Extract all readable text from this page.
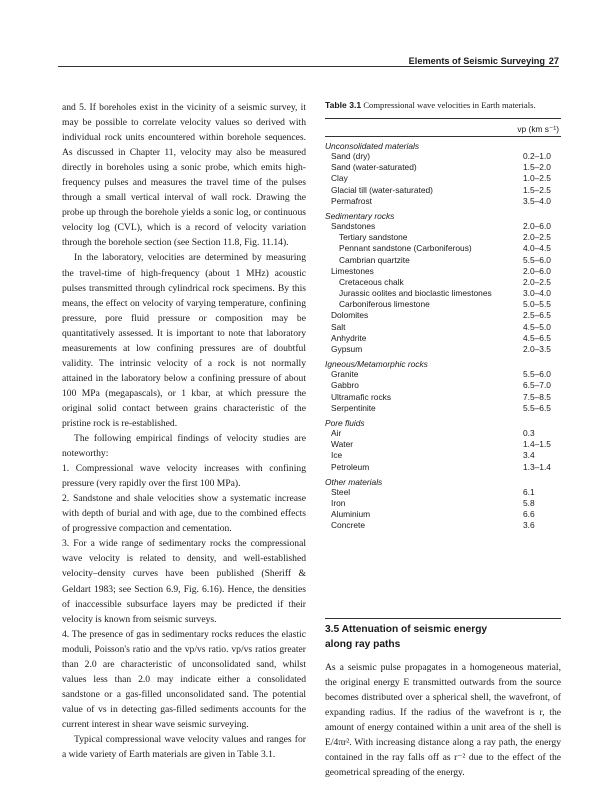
Elements of Seismic Surveying 27

and 5. If boreholes exist in the vicinity of a seismic survey, it may be possible to correlate velocity values so derived with individual rock units encountered within borehole sequences. As discussed in Chapter 11, velocity may also be measured directly in boreholes using a sonic probe, which emits high-frequency pulses and measures the travel time of the pulses through a small vertical interval of wall rock. Drawing the probe up through the borehole yields a sonic log, or continuous velocity log (CVL), which is a record of velocity variation through the borehole section (see Section 11.8, Fig. 11.14).

In the laboratory, velocities are determined by measuring the travel-time of high-frequency (about 1 MHz) acoustic pulses transmitted through cylindrical rock specimens. By this means, the effect on velocity of varying temperature, confining pressure, pore fluid pressure or composition may be quantitatively assessed. It is important to note that laboratory measurements at low confining pressures are of doubtful validity. The intrinsic velocity of a rock is not normally attained in the laboratory below a confining pressure of about 100 MPa (megapascals), or 1 kbar, at which pressure the original solid contact between grains characteristic of the pristine rock is re-established.

The following empirical findings of velocity studies are noteworthy:

1. Compressional wave velocity increases with confining pressure (very rapidly over the first 100 MPa).

2. Sandstone and shale velocities show a systematic increase with depth of burial and with age, due to the combined effects of progressive compaction and cementation.

3. For a wide range of sedimentary rocks the compressional wave velocity is related to density, and well-established velocity–density curves have been published (Sheriff & Geldart 1983; see Section 6.9, Fig. 6.16). Hence, the densities of inaccessible subsurface layers may be predicted if their velocity is known from seismic surveys.

4. The presence of gas in sedimentary rocks reduces the elastic moduli, Poisson's ratio and the vp/vs ratio. vp/vs ratios greater than 2.0 are characteristic of unconsolidated sand, whilst values less than 2.0 may indicate either a consolidated sandstone or a gas-filled unconsolidated sand. The potential value of vs in detecting gas-filled sediments accounts for the current interest in shear wave seismic surveying.

Typical compressional wave velocity values and ranges for a wide variety of Earth materials are given in Table 3.1.

Table 3.1 Compressional wave velocities in Earth materials.
vp (km s⁻¹)
Unconsolidated materials
Sand (dry)	0.2–1.0
Sand (water-saturated)	1.5–2.0
Clay	1.0–2.5
Glacial till (water-saturated)	1.5–2.5
Permafrost	3.5–4.0
Sedimentary rocks
Sandstones	2.0–6.0
Tertiary sandstone	2.0–2.5
Pennant sandstone (Carboniferous)	4.0–4.5
Cambrian quartzite	5.5–6.0
Limestones	2.0–6.0
Cretaceous chalk	2.0–2.5
Jurassic oolites and bioclastic limestones	3.0–4.0
Carboniferous limestone	5.0–5.5
Dolomites	2.5–6.5
Salt	4.5–5.0
Anhydrite	4.5–6.5
Gypsum	2.0–3.5
Igneous/Metamorphic rocks
Granite	5.5–6.0
Gabbro	6.5–7.0
Ultramafic rocks	7.5–8.5
Serpentinite	5.5–6.5
Pore fluids
Air	0.3
Water	1.4–1.5
Ice	3.4
Petroleum	1.3–1.4
Other materials
Steel	6.1
Iron	5.8
Aluminium	6.6
Concrete	3.6
3.5 Attenuation of seismic energy
along ray paths

As a seismic pulse propagates in a homogeneous material, the original energy E transmitted outwards from the source becomes distributed over a spherical shell, the wavefront, of expanding radius. If the radius of the wavefront is r, the amount of energy contained within a unit area of the shell is E/4πr². With increasing distance along a ray path, the energy contained in the ray falls off as r⁻² due to the effect of the geometrical spreading of the energy.
